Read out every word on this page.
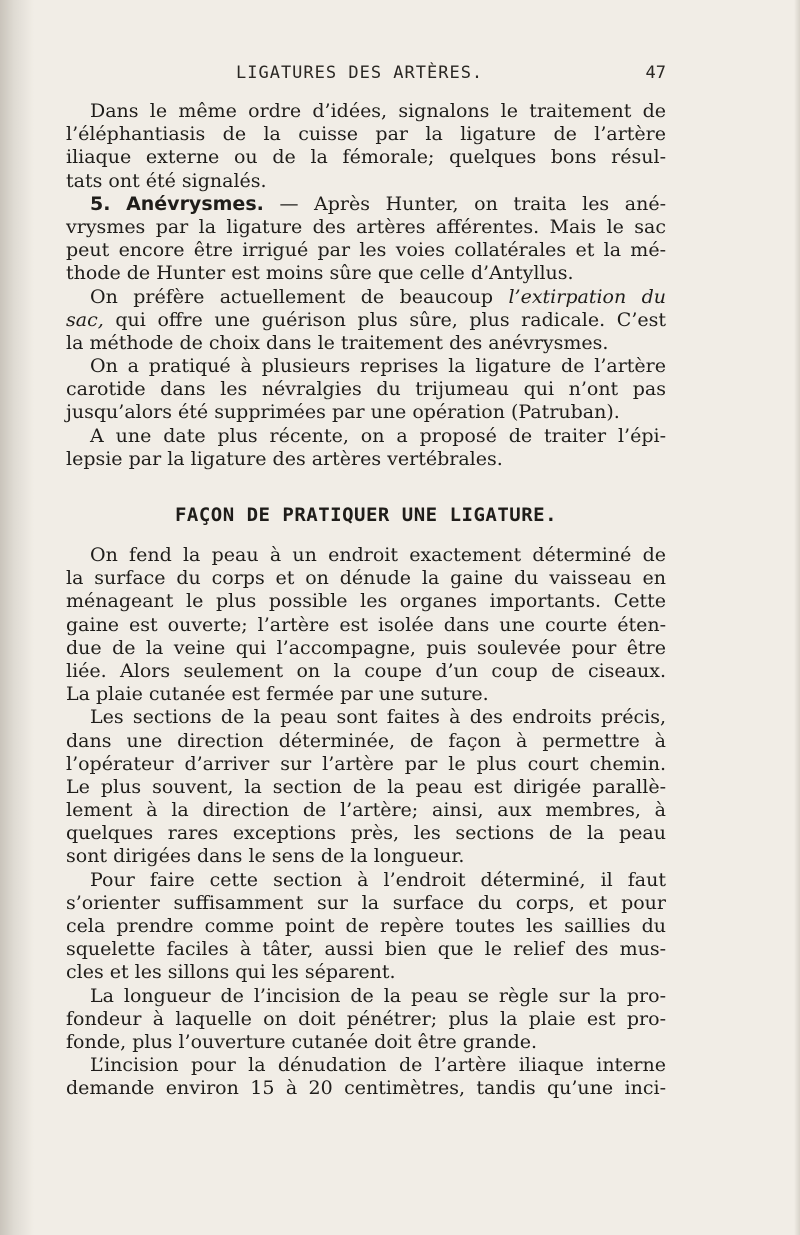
LIGATURES DES ARTÈRES.	47
Dans le même ordre d’idées, signalons le traitement de
l’éléphantiasis de la cuisse par la ligature de l’artère
iliaque externe ou de la fémorale; quelques bons résul-
tats ont été signalés.
5. Anévrysmes. — Après Hunter, on traita les ané-
vrysmes par la ligature des artères afférentes. Mais le sac
peut encore être irrigué par les voies collatérales et la mé-
thode de Hunter est moins sûre que celle d’Antyllus.
On préfère actuellement de beaucoup l’extirpation du
sac, qui offre une guérison plus sûre, plus radicale. C’est
la méthode de choix dans le traitement des anévrysmes.
On a pratiqué à plusieurs reprises la ligature de l’artère
carotide dans les névralgies du trijumeau qui n’ont pas
jusqu’alors été supprimées par une opération (Patruban).
A une date plus récente, on a proposé de traiter l’épi-
lepsie par la ligature des artères vertébrales.
FAÇON DE PRATIQUER UNE LIGATURE.
On fend la peau à un endroit exactement déterminé de
la surface du corps et on dénude la gaine du vaisseau en
ménageant le plus possible les organes importants. Cette
gaine est ouverte; l’artère est isolée dans une courte éten-
due de la veine qui l’accompagne, puis soulevée pour être
liée. Alors seulement on la coupe d’un coup de ciseaux.
La plaie cutanée est fermée par une suture.
Les sections de la peau sont faites à des endroits précis,
dans une direction déterminée, de façon à permettre à
l’opérateur d’arriver sur l’artère par le plus court chemin.
Le plus souvent, la section de la peau est dirigée parallè-
lement à la direction de l’artère; ainsi, aux membres, à
quelques rares exceptions près, les sections de la peau
sont dirigées dans le sens de la longueur.
Pour faire cette section à l’endroit déterminé, il faut
s’orienter suffisamment sur la surface du corps, et pour
cela prendre comme point de repère toutes les saillies du
squelette faciles à tâter, aussi bien que le relief des mus-
cles et les sillons qui les séparent.
La longueur de l’incision de la peau se règle sur la pro-
fondeur à laquelle on doit pénétrer; plus la plaie est pro-
fonde, plus l’ouverture cutanée doit être grande.
L’incision pour la dénudation de l’artère iliaque interne
demande environ 15 à 20 centimètres, tandis qu’une inci-
